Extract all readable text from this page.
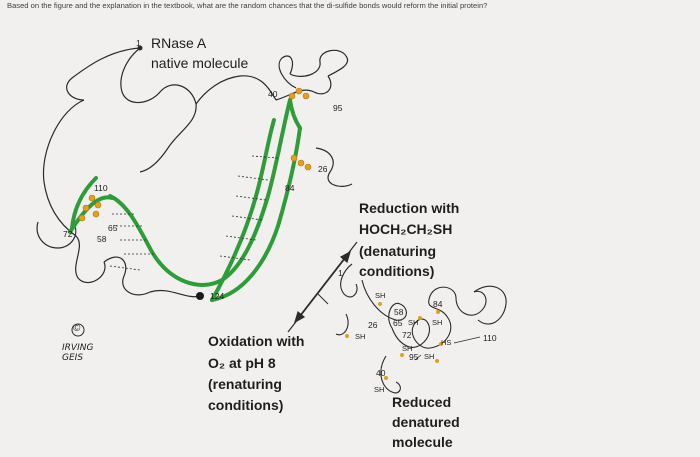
Based on the figure and the explanation in the textbook, what are the random chances that the di-sulfide bonds would reform the initial protein?
RNase A
native molecule
1
40
95
26
84
110
72
65
58
124
Reduction with
HOCH₂CH₂SH
(denaturing
conditions)
Oxidation with
O₂ at pH 8
(renaturing
conditions)
1
SH
84
58
26 65 SH SH
SH	72
HS	110
SH
95 SH
40
SH
Reduced
denatured
molecule
©
IRVING GEIS
